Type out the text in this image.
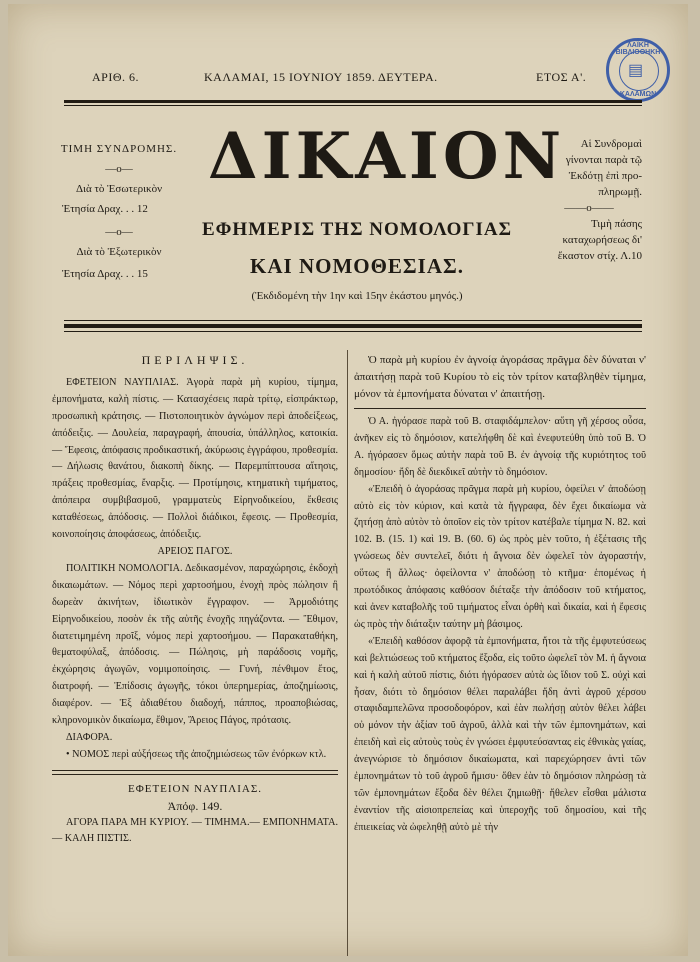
ΑΡΙΘ. 6.	ΚΑΛΑΜΑΙ, 15 ΙΟΥΝΙΟΥ 1859. ΔΕΥΤΕΡΑ.	ΕΤΟΣ Α'.	▤
ΛΑΪΚΗ ΒΙΒΛΙΟΘΗΚΗ
ΚΑΛΑΜΩΝ
ΤΙΜΗ ΣΥΝΔΡΟΜΗΣ.
—o—
Διὰ τὸ Ἐσωτερικὸν
Ἐτησία Δραχ. . . 12
—o—
Διὰ τὸ Ἐξωτερικὸν
Ἐτησία Δραχ. . . 15
ΔΙΚΑΙΟΝ
ΕΦΗΜΕΡΙΣ ΤΗΣ ΝΟΜΟΛΟΓΙΑΣ
ΚΑΙ ΝΟΜΟΘΕΣΙΑΣ.
(Ἐκδιδομένη τὴν 1ην καὶ 15ην ἑκάστου μηνός.)
Αἱ Συνδρομαὶ
γίνονται παρὰ τῷ
Ἐκδότῃ ἐπὶ προ-
πληρωμῇ.
——o——
Τιμὴ πάσης
καταχωρήσεως δι'
ἔκαστον στίχ. Λ.10
ΠΕΡΙΛΗΨΙΣ.

ΕΦΕΤΕΙΟΝ ΝΑΥΠΛΙΑΣ. Ἀγορὰ παρὰ μὴ κυρίου, τίμημα, ἐμπονήματα, καλὴ πίστις. — Κατασχέσεις παρὰ τρίτῳ, εἰσπράκτωρ, προσωπικὴ κράτησις. — Πιστοποιητικὸν ἀγνώμον περὶ ἀποδείξεως, ἀπόδειξις. — Δουλεία, παραγραφή, ἀπουσία, ὑπάλληλος, κατοικία. — Ἔφεσις, ἀπόφασις προδικαστική, ἀκύρωσις ἐγγράφου, προθεσμία. — Δήλωσις θανάτου, διακοπὴ δίκης. — Παρεμπίπτουσα αἴτησις, πράξεις προθεσμίας, ἔναρξις. — Προτίμησις, κτηματικὴ τιμήματος, ἀπόπειρα συμβιβασμοῦ, γραμματεὺς Εἰρηνοδικείου, ἔκθεσις καταθέσεως, ἀπόδοσις. — Πολλοὶ διάδικοι, ἔφεσις. — Προθεσμία, κοινοποίησις ἀποφάσεως, ἀπόδειξις.

ΑΡΕΙΟΣ ΠΑΓΟΣ.

ΠΟΛΙΤΙΚΗ ΝΟΜΟΛΟΓΙΑ. Δεδικασμένον, παραχώρησις, ἐκδοχὴ δικαιωμάτων. — Νόμος περὶ χαρτοσήμου, ἐνοχὴ πρὸς πώλησιν ἢ δωρεὰν ἀκινήτων, ἰδιωτικὸν ἔγγραφον. — Ἁρμοδιότης Εἰρηνοδικείου, ποσὸν ἐκ τῆς αὐτῆς ἐνοχῆς πηγάζοντα. — Ἔθιμον, διατετιμημένη προῖξ, νόμος περὶ χαρτοσήμου. — Παρακαταθήκη, θεματοφύλαξ, ἀπόδοσις. — Πώλησις, μὴ παράδοσις νομῆς, ἐκχώρησις ἀγωγῶν, νομιμοποίησις. — Γυνή, πένθιμον ἔτος, διατροφή. — Ἐπίδοσις ἀγωγῆς, τόκοι ὑπερημερίας, ἀποζημίωσις, διαφέρον. — Ἐξ ἀδιαθέτου διαδοχή, πάππος, προαποβιώσας, κληρονομικὸν δικαίωμα, ἔθιμον, Ἄρειος Πάγος, πρότασις.

ΔΙΑΦΟΡΑ.

• ΝΟΜΟΣ περὶ αὐξήσεως τῆς ἀποζημιώσεως τῶν ἐνόρκων κτλ.

ΕΦΕΤΕΙΟΝ ΝΑΥΠΛΙΑΣ.
Ἀπόφ. 149.

ΑΓΟΡΑ ΠΑΡΑ ΜΗ ΚΥΡΙΟΥ. — ΤΙΜΗΜΑ.— ΕΜΠΟΝΗΜΑΤΑ.— ΚΑΛΗ ΠΙΣΤΙΣ.

Ὁ παρὰ μὴ κυρίου ἐν ἀγνοίᾳ ἀγοράσας πρᾶγμα δὲν δύναται ν' ἀπαιτήσῃ παρὰ τοῦ Κυρίου τὸ εἰς τὸν τρίτον καταβληθὲν τίμημα, μόνον τὰ ἐμπονήματα δύναται ν' ἀπαιτήσῃ.

Ὁ Α. ἠγόρασε παρὰ τοῦ Β. σταφιδάμπελον· αὕτη γῆ χέρσος οὖσα, ἀνῆκεν εἰς τὸ δημόσιον, κατελήφθη δὲ καὶ ἐνεφυτεύθη ὑπὸ τοῦ Β. Ὁ Α. ἠγόρασεν ὅμως αὐτὴν παρὰ τοῦ Β. ἐν ἀγνοίᾳ τῆς κυριότητος τοῦ δημοσίου· ἤδη δὲ διεκδικεῖ αὐτὴν τὸ δημόσιον.

«Ἐπειδὴ ὁ ἀγοράσας πρᾶγμα παρὰ μὴ κυρίου, ὀφείλει ν' ἀποδώσῃ αὐτὸ εἰς τὸν κύριον, καὶ κατὰ τὰ ἤγγραφα, δὲν ἔχει δικαίωμα νὰ ζητήσῃ ἀπὸ αὐτὸν τὸ ὁποῖον εἰς τὸν τρίτον κατέβαλε τίμημα Ν. 82. καὶ 102. Β. (15. 1) καὶ 19. Β. (60. 6) ὡς πρὸς μὲν τοῦτο, ἡ ἐξέτασις τῆς γνώσεως δὲν συντελεῖ, διότι ἡ ἄγνοια δὲν ὠφελεῖ τὸν ἀγοραστήν, οὕτως ἢ ἄλλως· ὀφείλοντα ν' ἀποδώσῃ τὸ κτῆμα· ἑπομένως ἡ πρωτόδικος ἀπόφασις καθόσον διέταξε τὴν ἀπόδοσιν τοῦ κτήματος, καὶ ἀνεν καταβολῆς τοῦ τιμήματος εἶναι ὀρθὴ καὶ δικαία, καὶ ἡ ἔφεσις ὡς πρὸς τὴν διάταξιν ταύτην μὴ βάσιμος.

«Ἐπειδὴ καθόσον ἀφορᾷ τὰ ἐμπονήματα, ἤτοι τὰ τῆς ἐμφυτεύσεως καὶ βελτιώσεως τοῦ κτήματος ἔξοδα, εἰς τοῦτο ὠφελεῖ τὸν Μ. ἡ ἄγνοια καὶ ἡ καλὴ αὐτοῦ πίστις, διότι ἠγόρασεν αὐτὰ ὡς ἴδιον τοῦ Σ. οὐχὶ καὶ ἦσαν, διότι τὸ δημόσιον θέλει παραλάβει ἤδη ἀντὶ ἀγροῦ χέρσου σταφιδαμπελῶνα προσοδοφόρον, καὶ ἐὰν πωλήσῃ αὐτὸν θέλει λάβει οὐ μόνον τὴν ἀξίαν τοῦ ἀγροῦ, ἀλλὰ καὶ τὴν τῶν ἐμπονημάτων, καὶ ἐπειδὴ καὶ εἰς αὐτοὺς τοὺς ἐν γνώσει ἐμφυτεύσαντας εἰς ἐθνικὰς γαίας, ἀνεγνώρισε τὸ δημόσιον δικαίωματα, καὶ παρεχώρησεν ἀντὶ τῶν ἐμπονημάτων τὸ τοῦ ἀγροῦ ἥμισυ· ὅθεν ἐὰν τὸ δημόσιον πληρώσῃ τὰ τῶν ἐμπονημάτων ἔξοδα δὲν θέλει ζημιωθῇ· ἤθελεν εἶσθαι μάλιστα ἐναντίον τῆς αἰσιοπρεπείας καὶ ὑπεροχῆς τοῦ δημοσίου, καὶ τῆς ἐπιεικείας νὰ ὠφεληθῇ αὐτὸ μὲ τὴν
